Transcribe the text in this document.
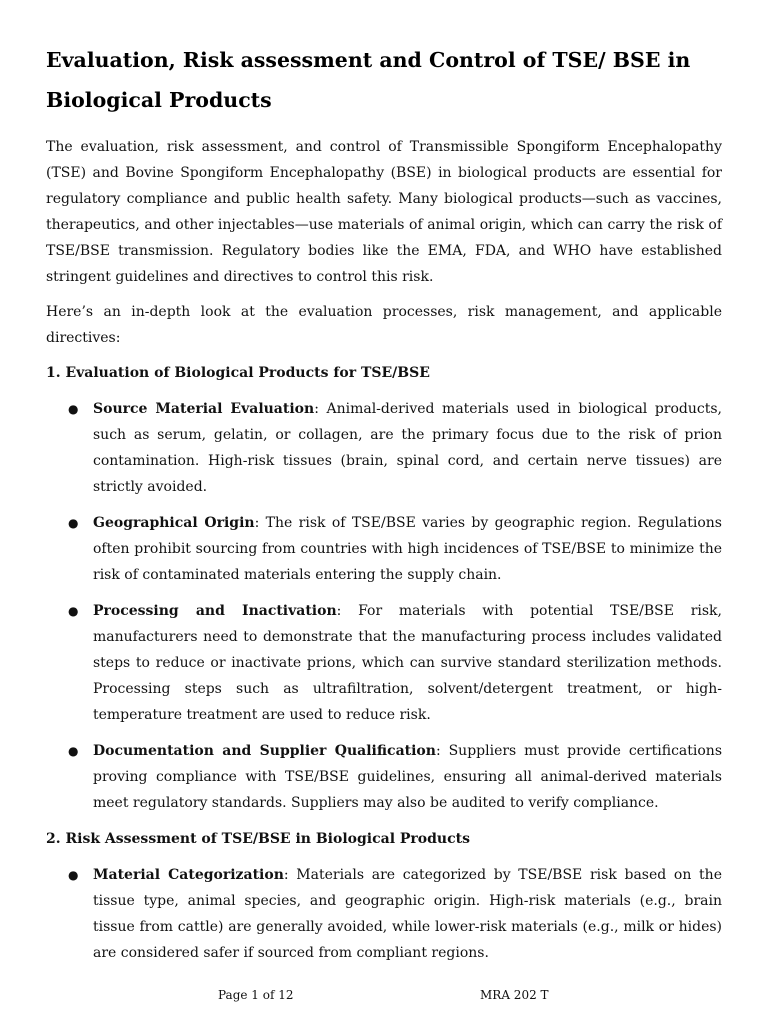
Evaluation, Risk assessment and Control of TSE/ BSE in Biological Products

The evaluation, risk assessment, and control of Transmissible Spongiform Encephalopathy (TSE) and Bovine Spongiform Encephalopathy (BSE) in biological products are essential for regulatory compliance and public health safety. Many biological products—such as vaccines, therapeutics, and other injectables—use materials of animal origin, which can carry the risk of TSE/BSE transmission. Regulatory bodies like the EMA, FDA, and WHO have established stringent guidelines and directives to control this risk.

Here’s an in-depth look at the evaluation processes, risk management, and applicable directives:

1. Evaluation of Biological Products for TSE/BSE
● Source Material Evaluation: Animal-derived materials used in biological products, such as serum, gelatin, or collagen, are the primary focus due to the risk of prion contamination. High-risk tissues (brain, spinal cord, and certain nerve tissues) are strictly avoided.
● Geographical Origin: The risk of TSE/BSE varies by geographic region. Regulations often prohibit sourcing from countries with high incidences of TSE/BSE to minimize the risk of contaminated materials entering the supply chain.
● Processing and Inactivation: For materials with potential TSE/BSE risk, manufacturers need to demonstrate that the manufacturing process includes validated steps to reduce or inactivate prions, which can survive standard sterilization methods. Processing steps such as ultrafiltration, solvent/detergent treatment, or high-temperature treatment are used to reduce risk.
● Documentation and Supplier Qualification: Suppliers must provide certifications proving compliance with TSE/BSE guidelines, ensuring all animal-derived materials meet regulatory standards. Suppliers may also be audited to verify compliance.
2. Risk Assessment of TSE/BSE in Biological Products
● Material Categorization: Materials are categorized by TSE/BSE risk based on the tissue type, animal species, and geographic origin. High-risk materials (e.g., brain tissue from cattle) are generally avoided, while lower-risk materials (e.g., milk or hides) are considered safer if sourced from compliant regions.
Page 1 of 12	MRA 202 T
